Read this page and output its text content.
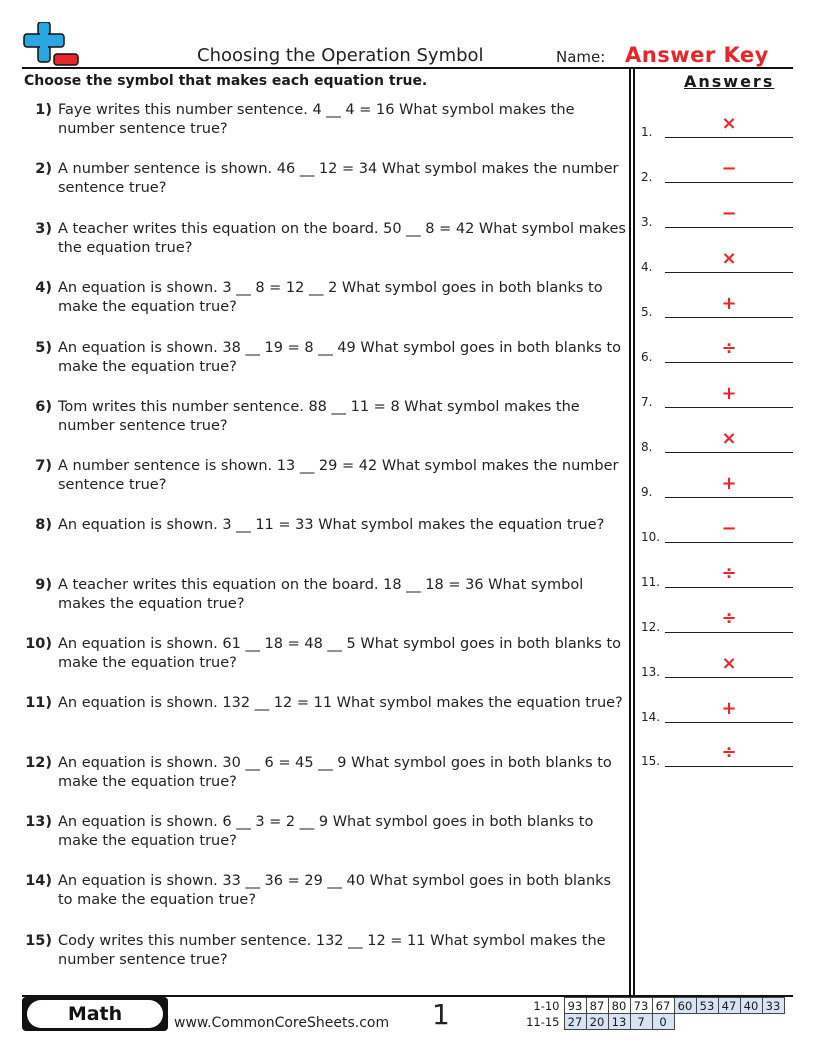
Choosing the Operation Symbol	Name: Answer Key
Choose the symbol that makes each equation true.	Answers
1) Faye writes this number sentence. 4 __ 4 = 16 What symbol makes the number sentence true?
2) A number sentence is shown. 46 __ 12 = 34 What symbol makes the number sentence true?
3) A teacher writes this equation on the board. 50 __ 8 = 42 What symbol makes the equation true?
4) An equation is shown. 3 __ 8 = 12 __ 2 What symbol goes in both blanks to make the equation true?
5) An equation is shown. 38 __ 19 = 8 __ 49 What symbol goes in both blanks to make the equation true?
6) Tom writes this number sentence. 88 __ 11 = 8 What symbol makes the number sentence true?
7) A number sentence is shown. 13 __ 29 = 42 What symbol makes the number sentence true?
8) An equation is shown. 3 __ 11 = 33 What symbol makes the equation true?
9) A teacher writes this equation on the board. 18 __ 18 = 36 What symbol makes the equation true?
10) An equation is shown. 61 __ 18 = 48 __ 5 What symbol goes in both blanks to make the equation true?
11) An equation is shown. 132 __ 12 = 11 What symbol makes the equation true?
12) An equation is shown. 30 __ 6 = 45 __ 9 What symbol goes in both blanks to make the equation true?
13) An equation is shown. 6 __ 3 = 2 __ 9 What symbol goes in both blanks to make the equation true?
14) An equation is shown. 33 __ 36 = 29 __ 40 What symbol goes in both blanks to make the equation true?
15) Cody writes this number sentence. 132 __ 12 = 11 What symbol makes the number sentence true?
1.	×
2.	−
3.	−
4.	×
5.	+
6.	÷
7.	+
8.	×
9.	+
10.	−
11.	÷
12.	÷
13.	×
14.	+
15.	÷
Math	www.CommonCoreSheets.com 1	1-10	93	87	80	73	67	60	53	47	40	33
11-15	27	20	13	7	0					
